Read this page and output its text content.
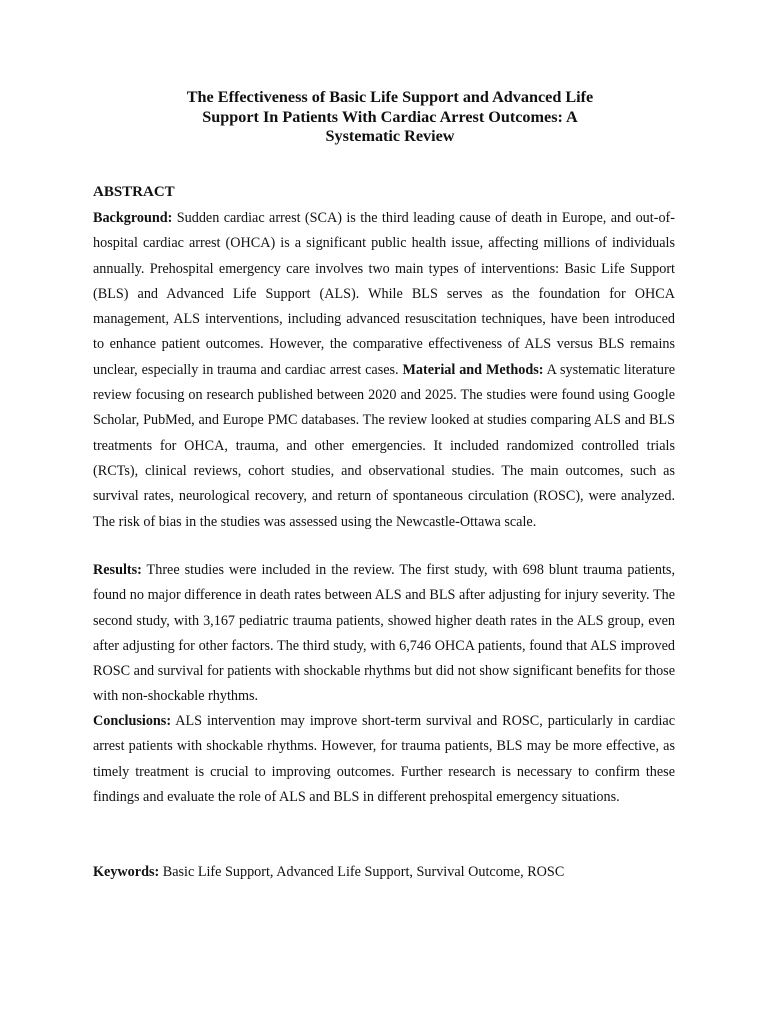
The Effectiveness of Basic Life Support and Advanced Life
Support In Patients With Cardiac Arrest Outcomes: A
Systematic Review
ABSTRACT

Background: Sudden cardiac arrest (SCA) is the third leading cause of death in Europe, and out-of-hospital cardiac arrest (OHCA) is a significant public health issue, affecting millions of individuals annually. Prehospital emergency care involves two main types of interventions: Basic Life Support (BLS) and Advanced Life Support (ALS). While BLS serves as the foundation for OHCA management, ALS interventions, including advanced resuscitation techniques, have been introduced to enhance patient outcomes. However, the comparative effectiveness of ALS versus BLS remains unclear, especially in trauma and cardiac arrest cases. Material and Methods: A systematic literature review focusing on research published between 2020 and 2025. The studies were found using Google Scholar, PubMed, and Europe PMC databases. The review looked at studies comparing ALS and BLS treatments for OHCA, trauma, and other emergencies. It included randomized controlled trials (RCTs), clinical reviews, cohort studies, and observational studies. The main outcomes, such as survival rates, neurological recovery, and return of spontaneous circulation (ROSC), were analyzed. The risk of bias in the studies was assessed using the Newcastle-Ottawa scale.

Results: Three studies were included in the review. The first study, with 698 blunt trauma patients, found no major difference in death rates between ALS and BLS after adjusting for injury severity. The second study, with 3,167 pediatric trauma patients, showed higher death rates in the ALS group, even after adjusting for other factors. The third study, with 6,746 OHCA patients, found that ALS improved ROSC and survival for patients with shockable rhythms but did not show significant benefits for those with non-shockable rhythms.

Conclusions: ALS intervention may improve short-term survival and ROSC, particularly in cardiac arrest patients with shockable rhythms. However, for trauma patients, BLS may be more effective, as timely treatment is crucial to improving outcomes. Further research is necessary to confirm these findings and evaluate the role of ALS and BLS in different prehospital emergency situations.

Keywords: Basic Life Support, Advanced Life Support, Survival Outcome, ROSC
